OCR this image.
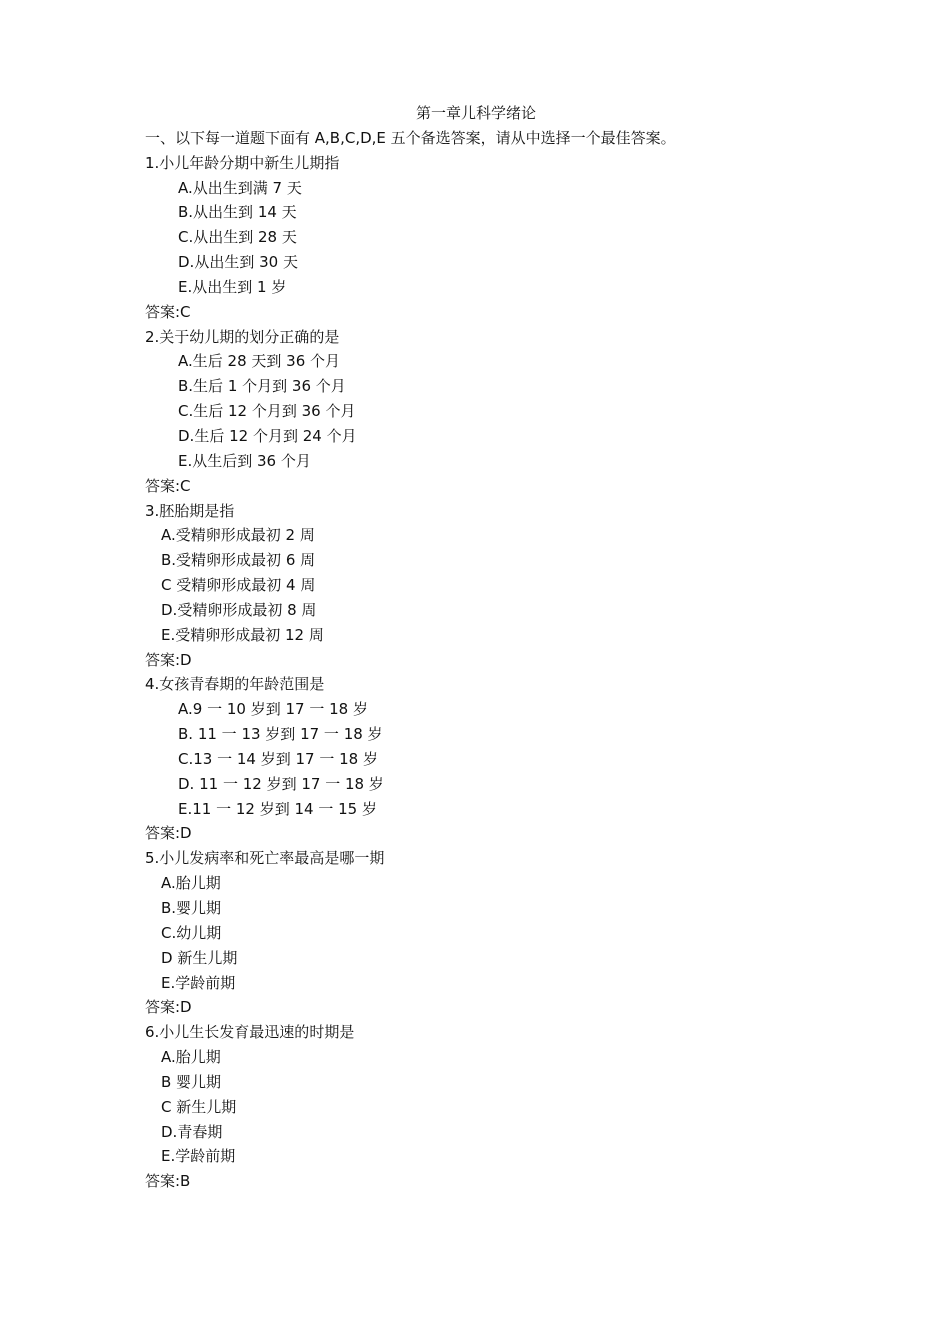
第一章儿科学绪论

一、以下每一道题下面有 A,B,C,D,E 五个备选答案，请从中选择一个最佳答案。

1.小儿年龄分期中新生儿期指

A.从出生到满 7 天

B.从出生到 14 天

C.从出生到 28 天

D.从出生到 30 天

E.从出生到 1 岁

答案:C

2.关于幼儿期的划分正确的是

A.生后 28 天到 36 个月

B.生后 1 个月到 36 个月

C.生后 12 个月到 36 个月

D.生后 12 个月到 24 个月

E.从生后到 36 个月

答案:C

3.胚胎期是指

A.受精卵形成最初 2 周

B.受精卵形成最初 6 周

C 受精卵形成最初 4 周

D.受精卵形成最初 8 周

E.受精卵形成最初 12 周

答案:D

4.女孩青春期的年龄范围是

A.9 一 10 岁到 17 一 18 岁

B. 11 一 13 岁到 17 一 18 岁

C.13 一 14 岁到 17 一 18 岁

D. 11 一 12 岁到 17 一 18 岁

E.11 一 12 岁到 14 一 15 岁

答案:D

5.小儿发病率和死亡率最高是哪一期

A.胎儿期

B.婴儿期

C.幼儿期

D 新生儿期

E.学龄前期

答案:D

6.小儿生长发育最迅速的时期是

A.胎儿期

B 婴儿期

C 新生儿期

D.青春期

E.学龄前期

答案:B
